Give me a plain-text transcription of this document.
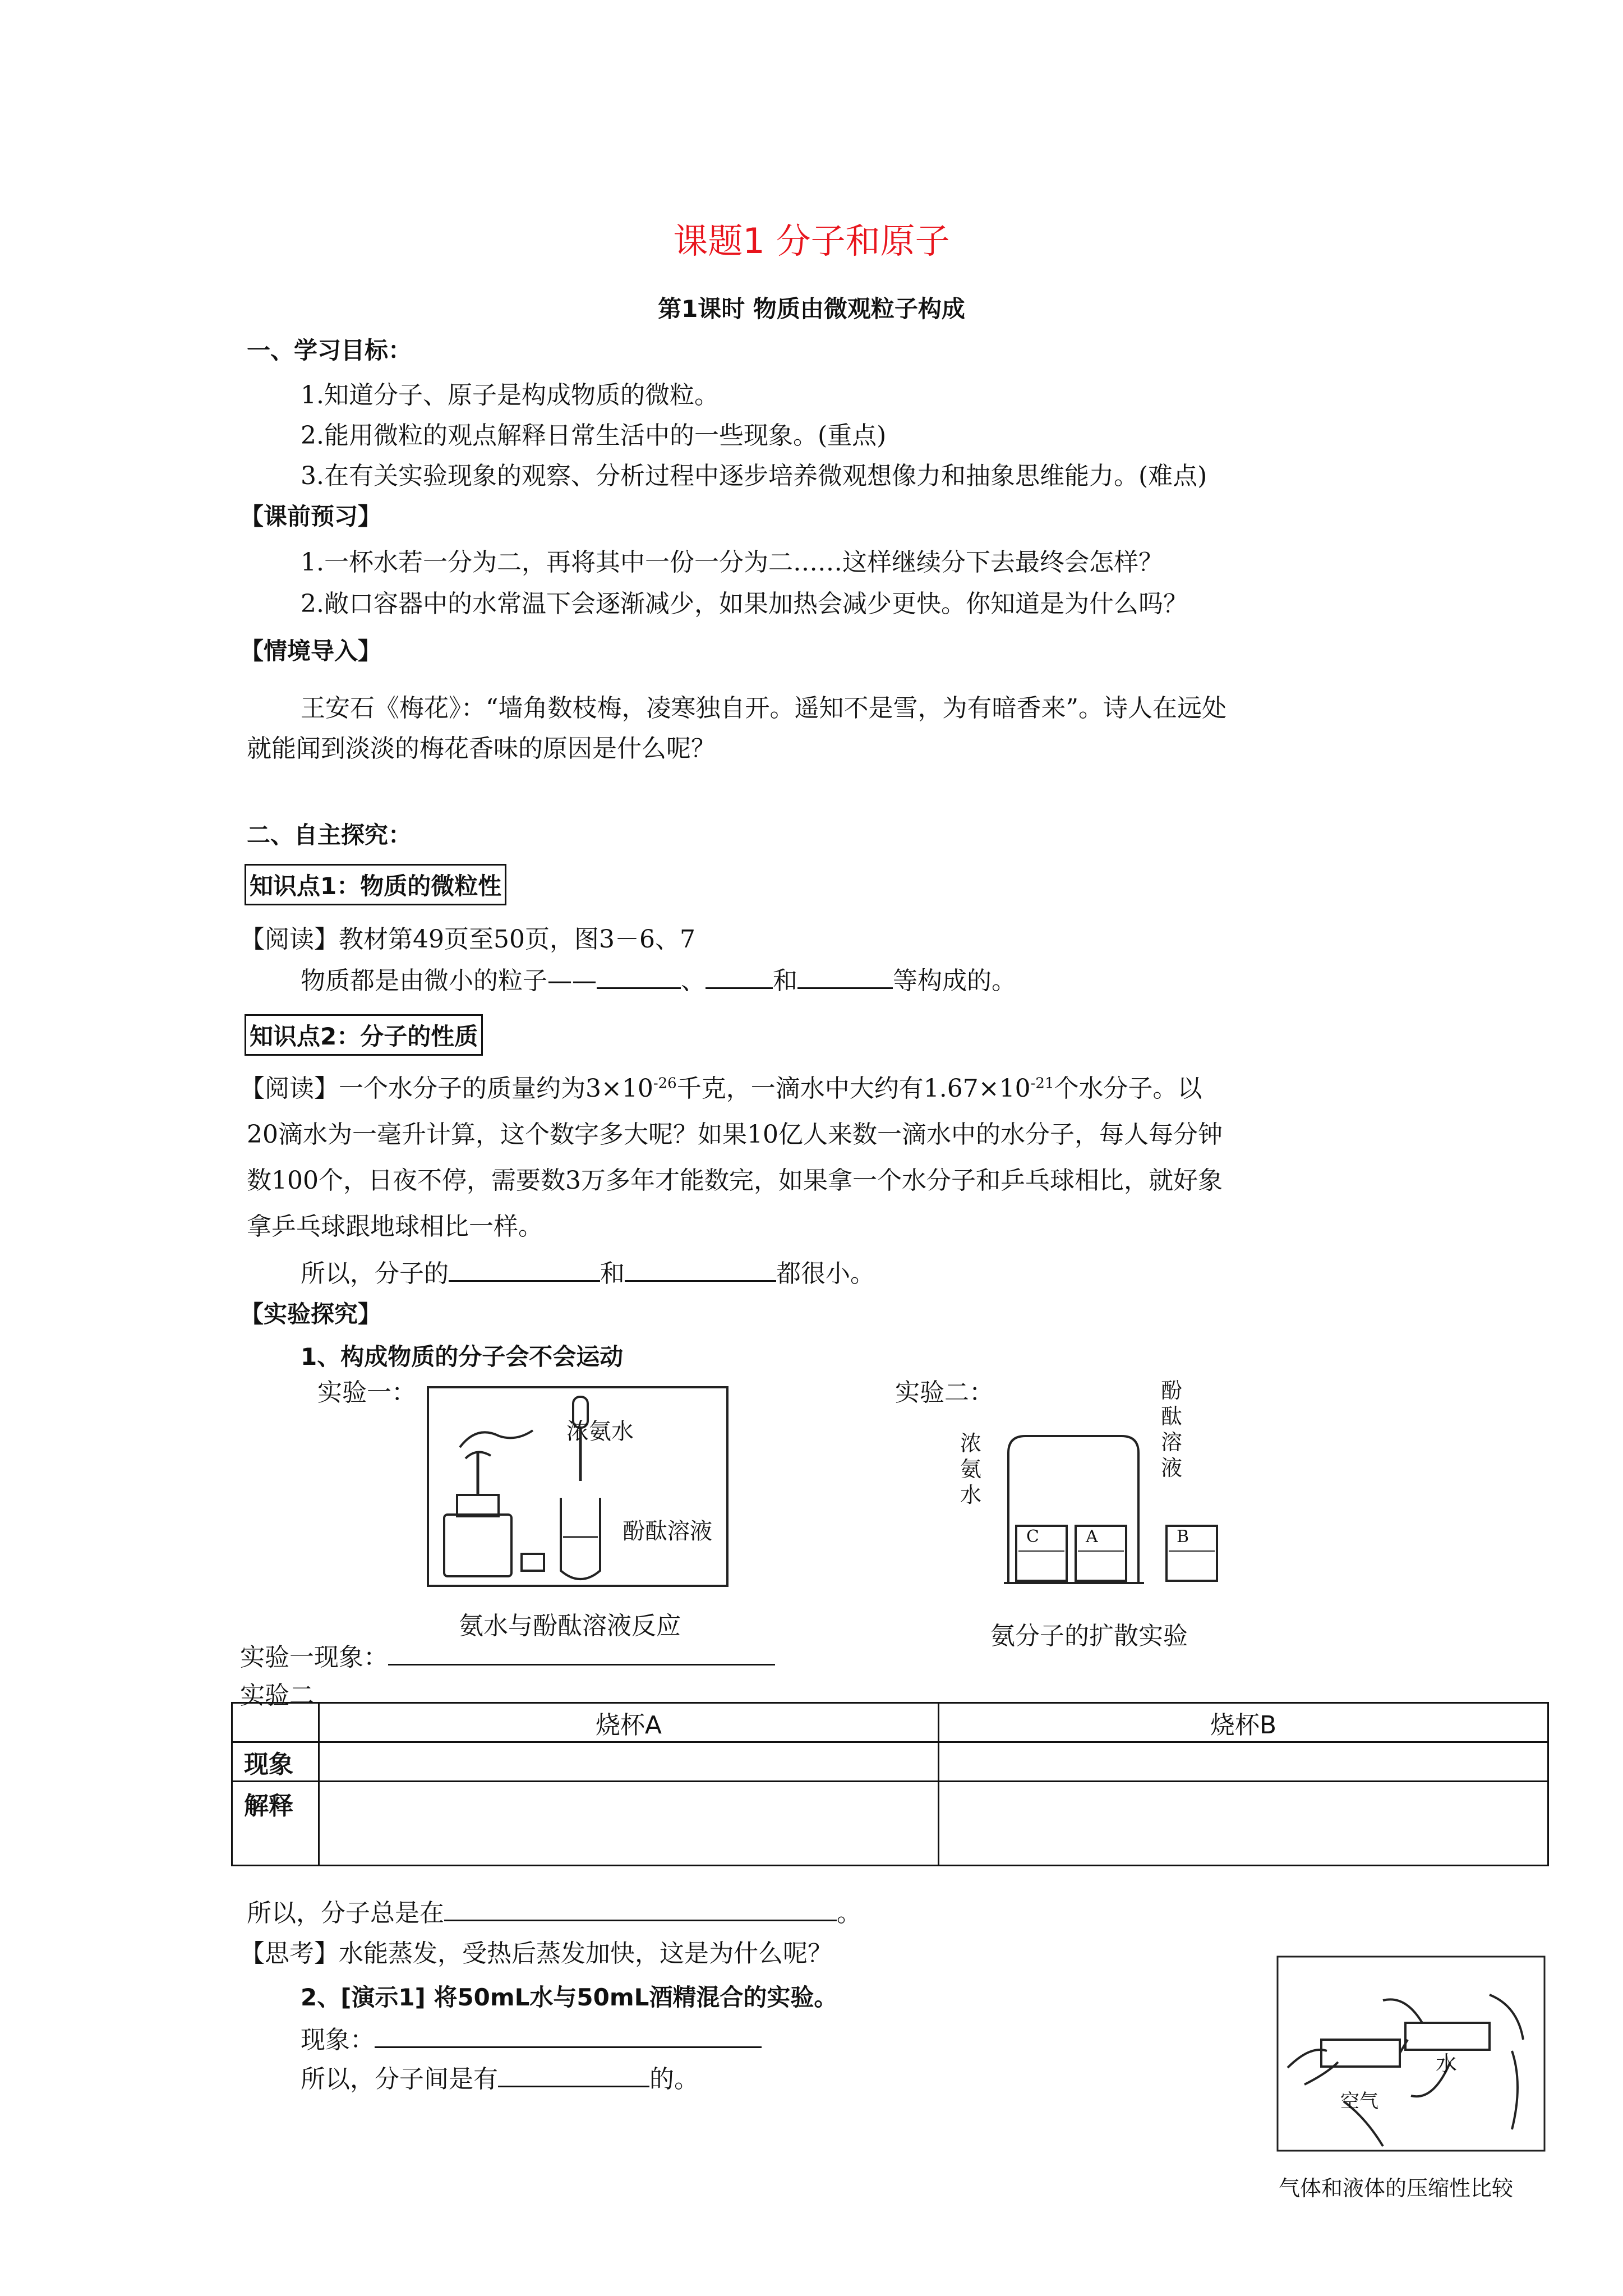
课题1 分子和原子
第1课时 物质由微观粒子构成
一、学习目标：
1.知道分子、原子是构成物质的微粒。
2.能用微粒的观点解释日常生活中的一些现象。(重点)
3.在有关实验现象的观察、分析过程中逐步培养微观想像力和抽象思维能力。(难点)
【课前预习】
1.一杯水若一分为二，再将其中一份一分为二……这样继续分下去最终会怎样？
2.敞口容器中的水常温下会逐渐减少，如果加热会减少更快。你知道是为什么吗？
【情境导入】
王安石《梅花》：“墙角数枝梅，凌寒独自开。遥知不是雪，为有暗香来”。诗人在远处
就能闻到淡淡的梅花香味的原因是什么呢？
二、自主探究：
知识点1：物质的微粒性
【阅读】教材第49页至50页，图3－6、7
物质都是由微小的粒子——	、	和	等构成的。
知识点2：分子的性质
【阅读】一个水分子的质量约为$3\times 10^{-26}$千克，一滴水中大约有$1.67\times 10^{-21}$个水分子。以
20滴水为一毫升计算，这个数字多大呢？如果10亿人来数一滴水中的水分子，每人每分钟
数100个，日夜不停，需要数3万多年才能数完，如果拿一个水分子和乒乓球相比，就好象
拿乒乓球跟地球相比一样。
所以，分子的	和	都很小。
【实验探究】
1、构成物质的分子会不会运动
实验一：
浓氨水
酚酞溶液
氨水与酚酞溶液反应
实验二：
C	A	B
浓
氨
水
酚
酞
溶
液
氨分子的扩散实验
实验一现象：
实验二
	烧杯A	烧杯B
现象		
解释		
所以，分子总是在	。
【思考】水能蒸发，受热后蒸发加快，这是为什么呢？
2、[演示1] 将50mL水与50mL酒精混合的实验。
现象：
所以，分子间是有	的。
水
空气
气体和液体的压缩性比较
